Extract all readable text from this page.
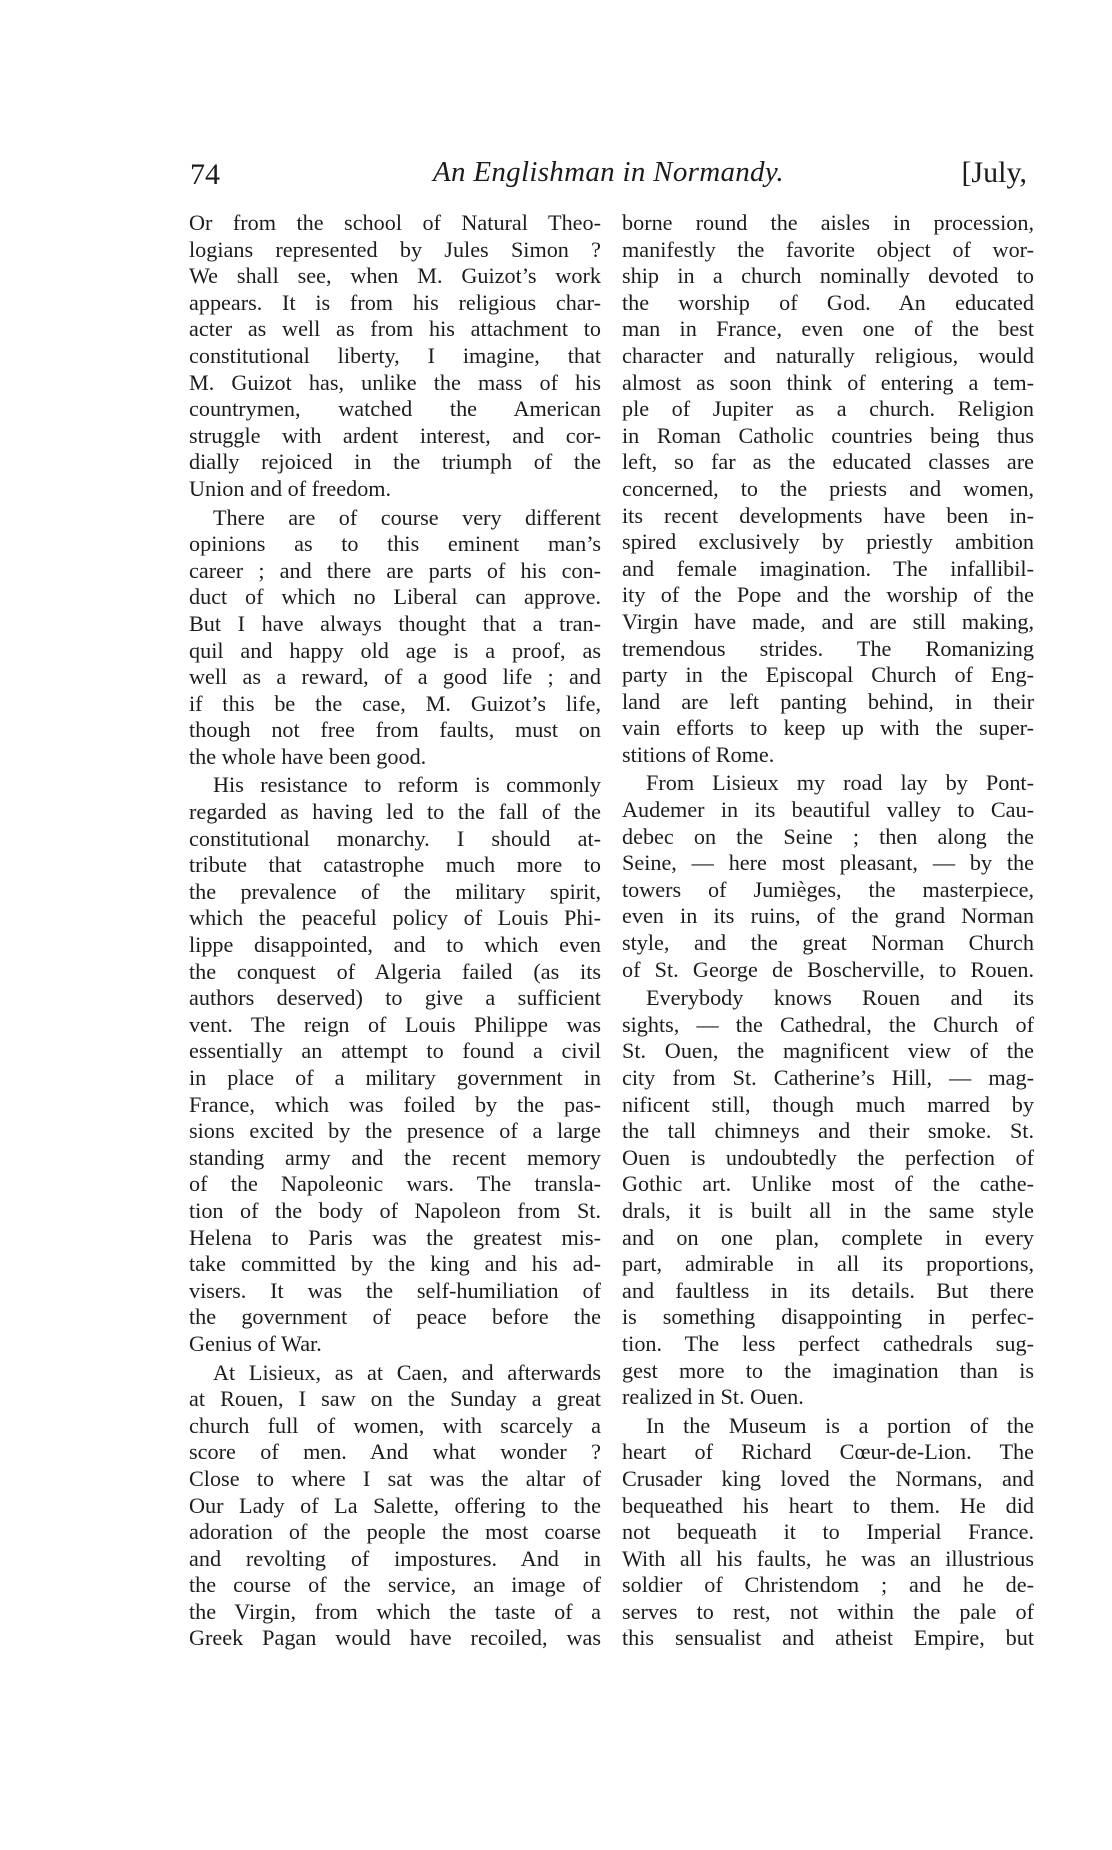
74	An Englishman in Normandy.	[July,
Or from the school of Natural Theo-
logians represented by Jules Simon ?
We shall see, when M. Guizot’s work
appears. It is from his religious char-
acter as well as from his attachment to
constitutional liberty, I imagine, that
M. Guizot has, unlike the mass of his
countrymen, watched the American
struggle with ardent interest, and cor-
dially rejoiced in the triumph of the
Union and of freedom.
There are of course very different
opinions as to this eminent man’s
career ; and there are parts of his con-
duct of which no Liberal can approve.
But I have always thought that a tran-
quil and happy old age is a proof, as
well as a reward, of a good life ; and
if this be the case, M. Guizot’s life,
though not free from faults, must on
the whole have been good.
His resistance to reform is commonly
regarded as having led to the fall of the
constitutional monarchy. I should at-
tribute that catastrophe much more to
the prevalence of the military spirit,
which the peaceful policy of Louis Phi-
lippe disappointed, and to which even
the conquest of Algeria failed (as its
authors deserved) to give a sufficient
vent. The reign of Louis Philippe was
essentially an attempt to found a civil
in place of a military government in
France, which was foiled by the pas-
sions excited by the presence of a large
standing army and the recent memory
of the Napoleonic wars. The transla-
tion of the body of Napoleon from St.
Helena to Paris was the greatest mis-
take committed by the king and his ad-
visers. It was the self-humiliation of
the government of peace before the
Genius of War.
At Lisieux, as at Caen, and afterwards
at Rouen, I saw on the Sunday a great
church full of women, with scarcely a
score of men. And what wonder ?
Close to where I sat was the altar of
Our Lady of La Salette, offering to the
adoration of the people the most coarse
and revolting of impostures. And in
the course of the service, an image of
the Virgin, from which the taste of a
Greek Pagan would have recoiled, was
borne round the aisles in procession,
manifestly the favorite object of wor-
ship in a church nominally devoted to
the worship of God. An educated
man in France, even one of the best
character and naturally religious, would
almost as soon think of entering a tem-
ple of Jupiter as a church. Religion
in Roman Catholic countries being thus
left, so far as the educated classes are
concerned, to the priests and women,
its recent developments have been in-
spired exclusively by priestly ambition
and female imagination. The infallibil-
ity of the Pope and the worship of the
Virgin have made, and are still making,
tremendous strides. The Romanizing
party in the Episcopal Church of Eng-
land are left panting behind, in their
vain efforts to keep up with the super-
stitions of Rome.
From Lisieux my road lay by Pont-
Audemer in its beautiful valley to Cau-
debec on the Seine ; then along the
Seine, — here most pleasant, — by the
towers of Jumièges, the masterpiece,
even in its ruins, of the grand Norman
style, and the great Norman Church
of St. George de Boscherville, to Rouen.
Everybody knows Rouen and its
sights, — the Cathedral, the Church of
St. Ouen, the magnificent view of the
city from St. Catherine’s Hill, — mag-
nificent still, though much marred by
the tall chimneys and their smoke. St.
Ouen is undoubtedly the perfection of
Gothic art. Unlike most of the cathe-
drals, it is built all in the same style
and on one plan, complete in every
part, admirable in all its proportions,
and faultless in its details. But there
is something disappointing in perfec-
tion. The less perfect cathedrals sug-
gest more to the imagination than is
realized in St. Ouen.
In the Museum is a portion of the
heart of Richard Cœur-de-Lion. The
Crusader king loved the Normans, and
bequeathed his heart to them. He did
not bequeath it to Imperial France.
With all his faults, he was an illustrious
soldier of Christendom ; and he de-
serves to rest, not within the pale of
this sensualist and atheist Empire, but
